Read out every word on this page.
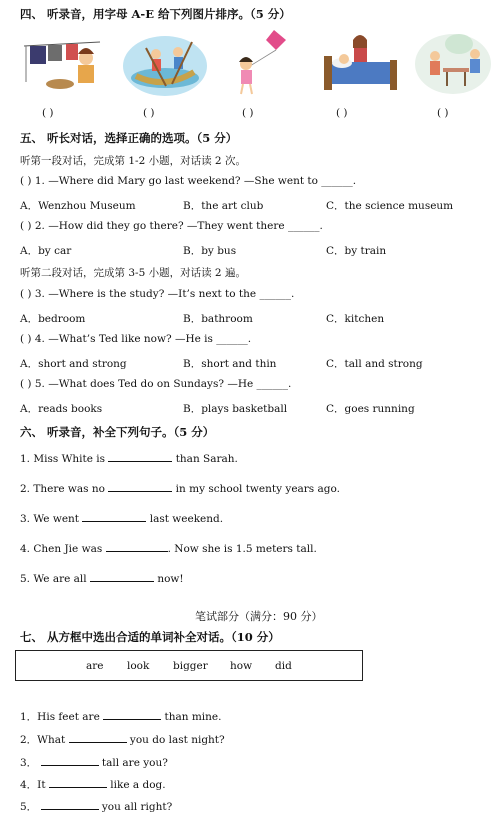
四、 听录音，用字母 A-E 给下列图片排序。（5 分）
( )	( )	( )	( )	( )
五、 听长对话，选择正确的选项。（5 分）
听第一段对话，完成第 1-2 小题，对话读 2 次。
( ) 1. —Where did Mary go last weekend? —She went to ______.
A．Wenzhou Museum	B．the art club	C．the science museum
( ) 2. —How did they go there? —They went there ______.
A．by car	B．by bus	C．by train
听第二段对话，完成第 3-5 小题，对话读 2 遍。
( ) 3. —Where is the study? —It’s next to the ______.
A．bedroom	B．bathroom	C．kitchen
( ) 4. —What’s Ted like now? —He is ______.
A．short and strong	B．short and thin	C．tall and strong
( ) 5. —What does Ted do on Sundays? —He ______.
A．reads books	B．plays basketball	C．goes running
六、 听录音，补全下列句子。（5 分）
1. Miss White is	than Sarah.
2. There was no	in my school twenty years ago.
3. We went	last weekend.
4. Chen Jie was	. Now she is 1.5 meters tall.
5. We are all	now!
笔试部分（满分：90 分）
七、 从方框中选出合适的单词补全对话。（10 分）
are look bigger how did
1．His feet are	than mine.
2．What	you do last night?
3．	tall are you?
4．It	like a dog.
5．	you all right?
